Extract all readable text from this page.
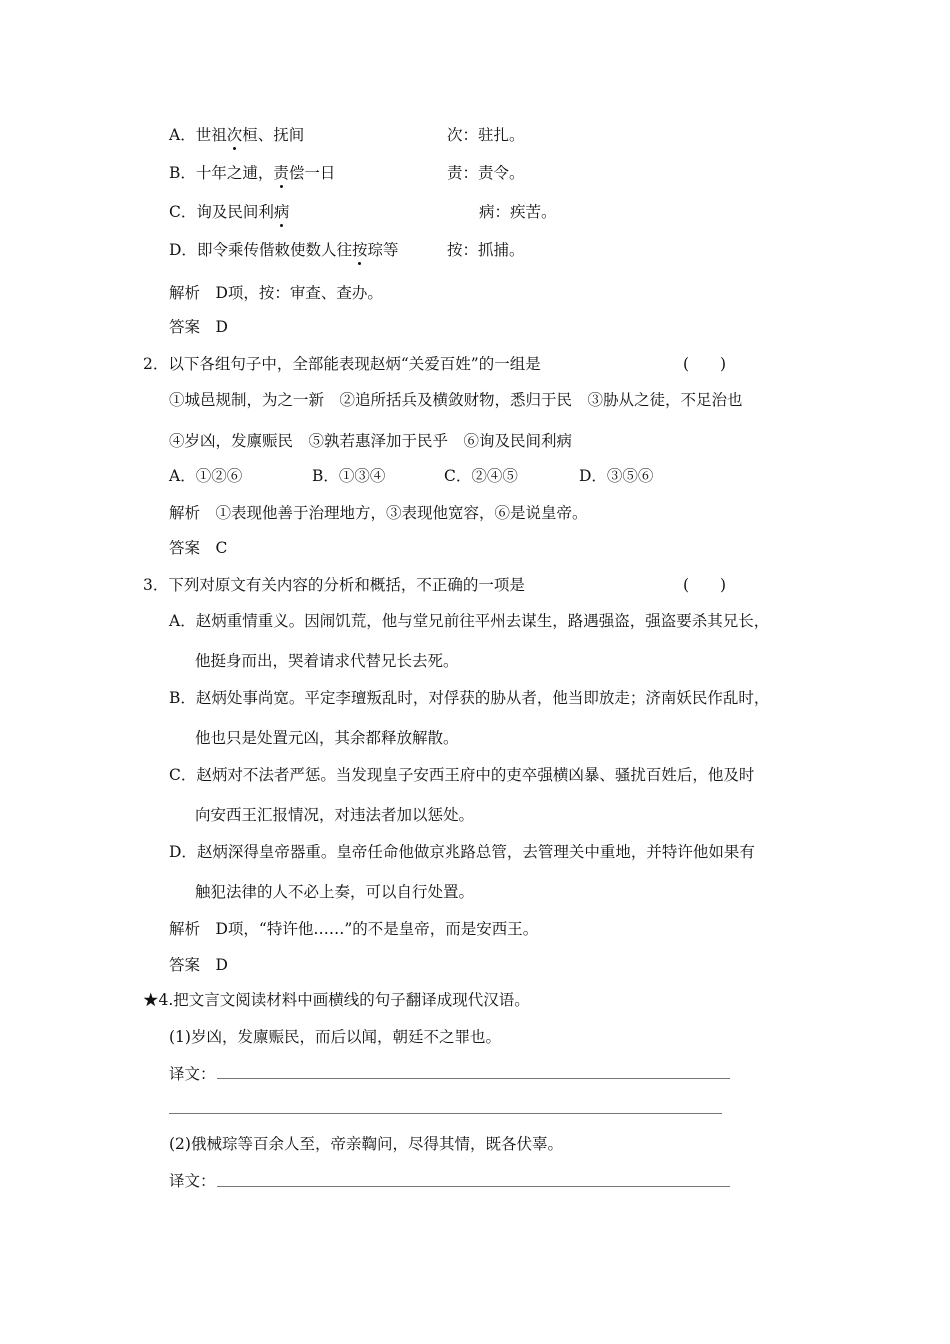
A．世祖次桓、抚间	次：驻扎。
B．十年之逋，责偿一日	责：责令。
C．询及民间利病	病：疾苦。
D．即令乘传偕敕使数人往按琮等	按：抓捕。
解析　D项，按：审查、查办。
答案　D
2．以下各组句子中，全部能表现赵炳“关爱百姓”的一组是	(　　)
①城邑规制，为之一新　②追所括兵及横敛财物，悉归于民　③胁从之徒，不足治也
④岁凶，发廪赈民　⑤孰若惠泽加于民乎　⑥询及民间利病
A．①②⑥	B．①③④	C．②④⑤	D．③⑤⑥
解析　①表现他善于治理地方，③表现他宽容，⑥是说皇帝。
答案　C
3．下列对原文有关内容的分析和概括，不正确的一项是	(　　)
A．赵炳重情重义。因闹饥荒，他与堂兄前往平州去谋生，路遇强盗，强盗要杀其兄长，
他挺身而出，哭着请求代替兄长去死。
B．赵炳处事尚宽。平定李璮叛乱时，对俘获的胁从者，他当即放走；济南妖民作乱时，
他也只是处置元凶，其余都释放解散。
C．赵炳对不法者严惩。当发现皇子安西王府中的吏卒强横凶暴、骚扰百姓后，他及时
向安西王汇报情况，对违法者加以惩处。
D．赵炳深得皇帝器重。皇帝任命他做京兆路总管，去管理关中重地，并特许他如果有
触犯法律的人不必上奏，可以自行处置。
解析　D项，“特许他……”的不是皇帝，而是安西王。
答案　D
★4.把文言文阅读材料中画横线的句子翻译成现代汉语。
(1)岁凶，发廪赈民，而后以闻，朝廷不之罪也。
译文：
(2)俄械琮等百余人至，帝亲鞫问，尽得其情，既各伏辜。
译文：
